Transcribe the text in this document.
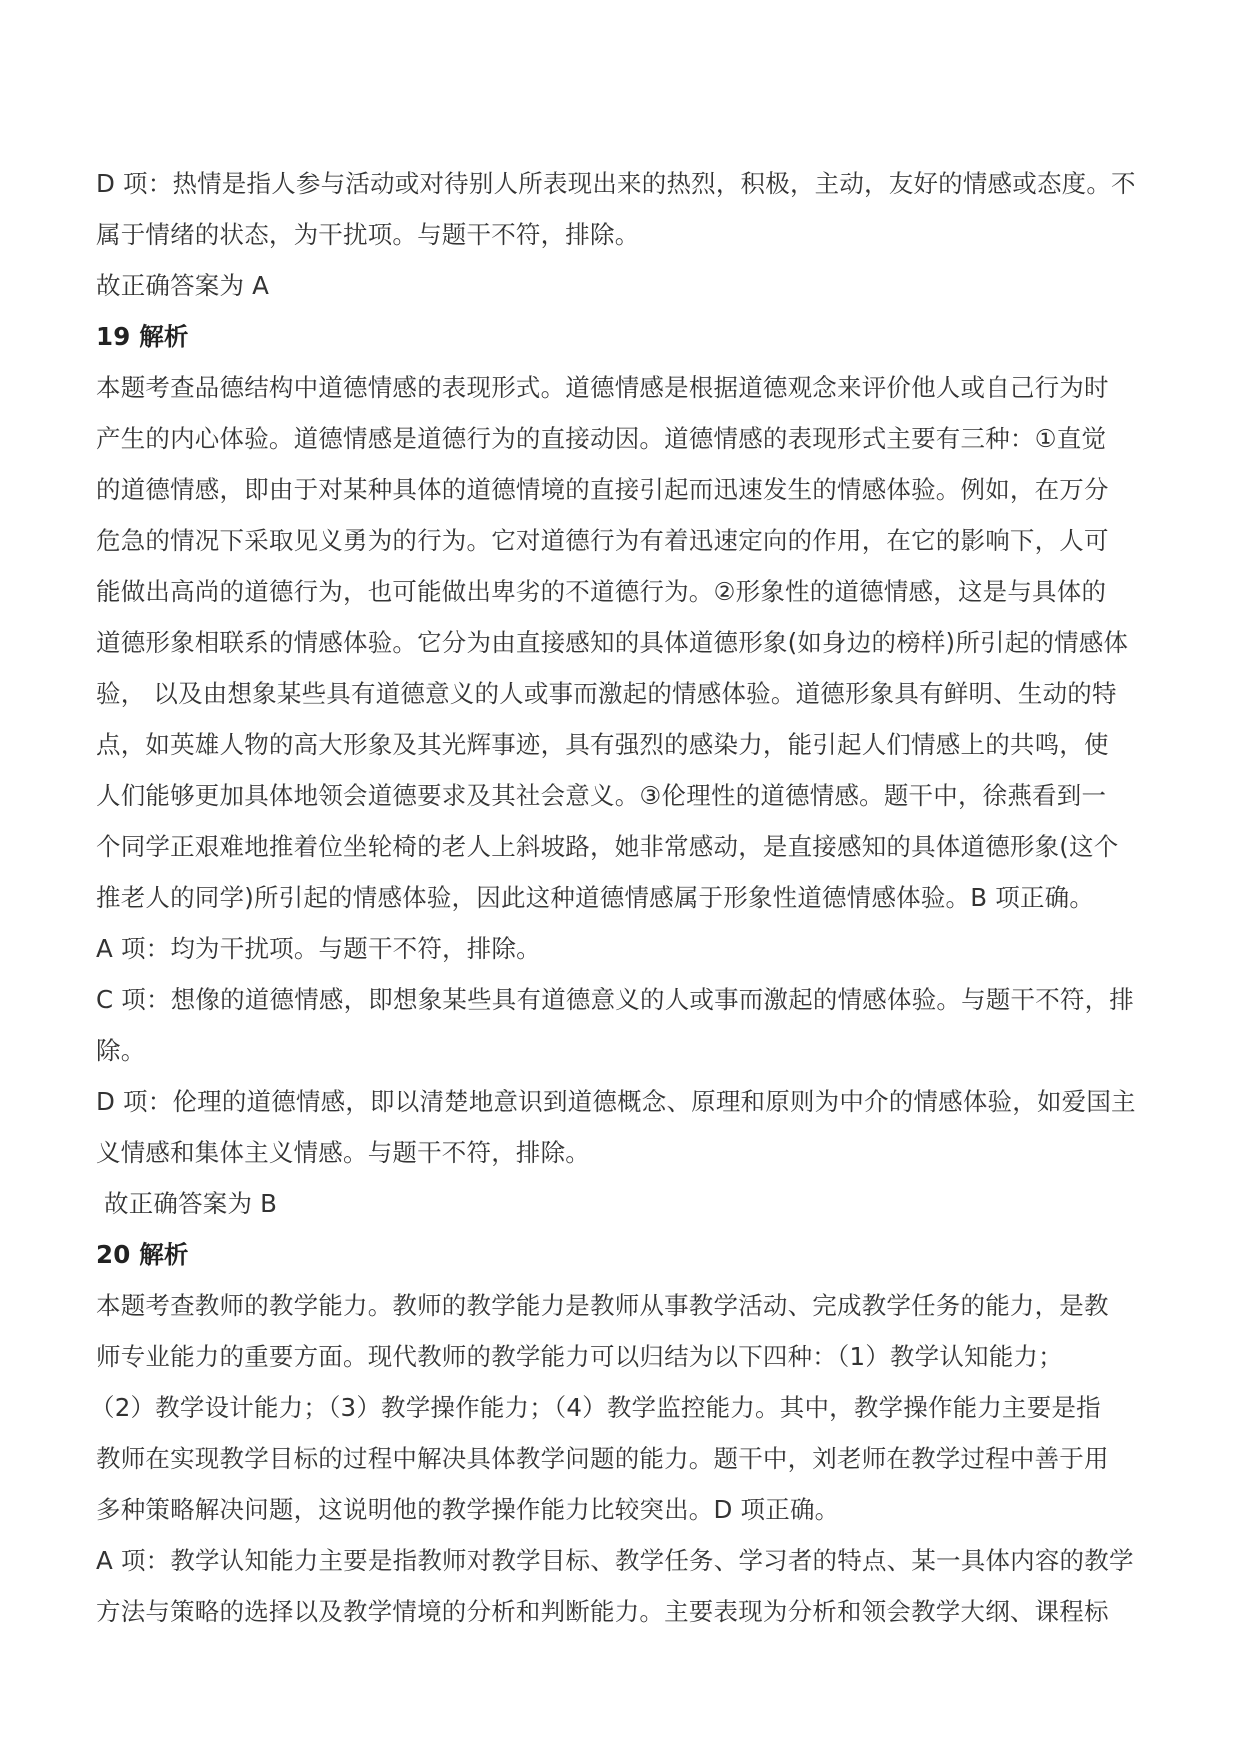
D 项：热情是指人参与活动或对待别人所表现出来的热烈，积极，主动，友好的情感或态度。不
属于情绪的状态，为干扰项。与题干不符，排除。
故正确答案为 A
19 解析
本题考查品德结构中道德情感的表现形式。道德情感是根据道德观念来评价他人或自己行为时
产生的内心体验。道德情感是道德行为的直接动因。道德情感的表现形式主要有三种：①直觉
的道德情感，即由于对某种具体的道德情境的直接引起而迅速发生的情感体验。例如，在万分
危急的情况下采取见义勇为的行为。它对道德行为有着迅速定向的作用，在它的影响下，人可
能做出高尚的道德行为，也可能做出卑劣的不道德行为。②形象性的道德情感，这是与具体的
道德形象相联系的情感体验。它分为由直接感知的具体道德形象(如身边的榜样)所引起的情感体
验， 以及由想象某些具有道德意义的人或事而激起的情感体验。道德形象具有鲜明、生动的特
点，如英雄人物的高大形象及其光辉事迹，具有强烈的感染力，能引起人们情感上的共鸣，使
人们能够更加具体地领会道德要求及其社会意义。③伦理性的道德情感。题干中，徐燕看到一
个同学正艰难地推着位坐轮椅的老人上斜坡路，她非常感动，是直接感知的具体道德形象(这个
推老人的同学)所引起的情感体验，因此这种道德情感属于形象性道德情感体验。B 项正确。
A 项：均为干扰项。与题干不符，排除。
C 项：想像的道德情感，即想象某些具有道德意义的人或事而激起的情感体验。与题干不符，排
除。
D 项：伦理的道德情感，即以清楚地意识到道德概念、原理和原则为中介的情感体验，如爱国主
义情感和集体主义情感。与题干不符，排除。
故正确答案为 B
20 解析
本题考查教师的教学能力。教师的教学能力是教师从事教学活动、完成教学任务的能力，是教
师专业能力的重要方面。现代教师的教学能力可以归结为以下四种：（1）教学认知能力；
（2）教学设计能力；（3）教学操作能力；（4）教学监控能力。其中，教学操作能力主要是指
教师在实现教学目标的过程中解决具体教学问题的能力。题干中，刘老师在教学过程中善于用
多种策略解决问题，这说明他的教学操作能力比较突出。D 项正确。
A 项：教学认知能力主要是指教师对教学目标、教学任务、学习者的特点、某一具体内容的教学
方法与策略的选择以及教学情境的分析和判断能力。主要表现为分析和领会教学大纲、课程标
